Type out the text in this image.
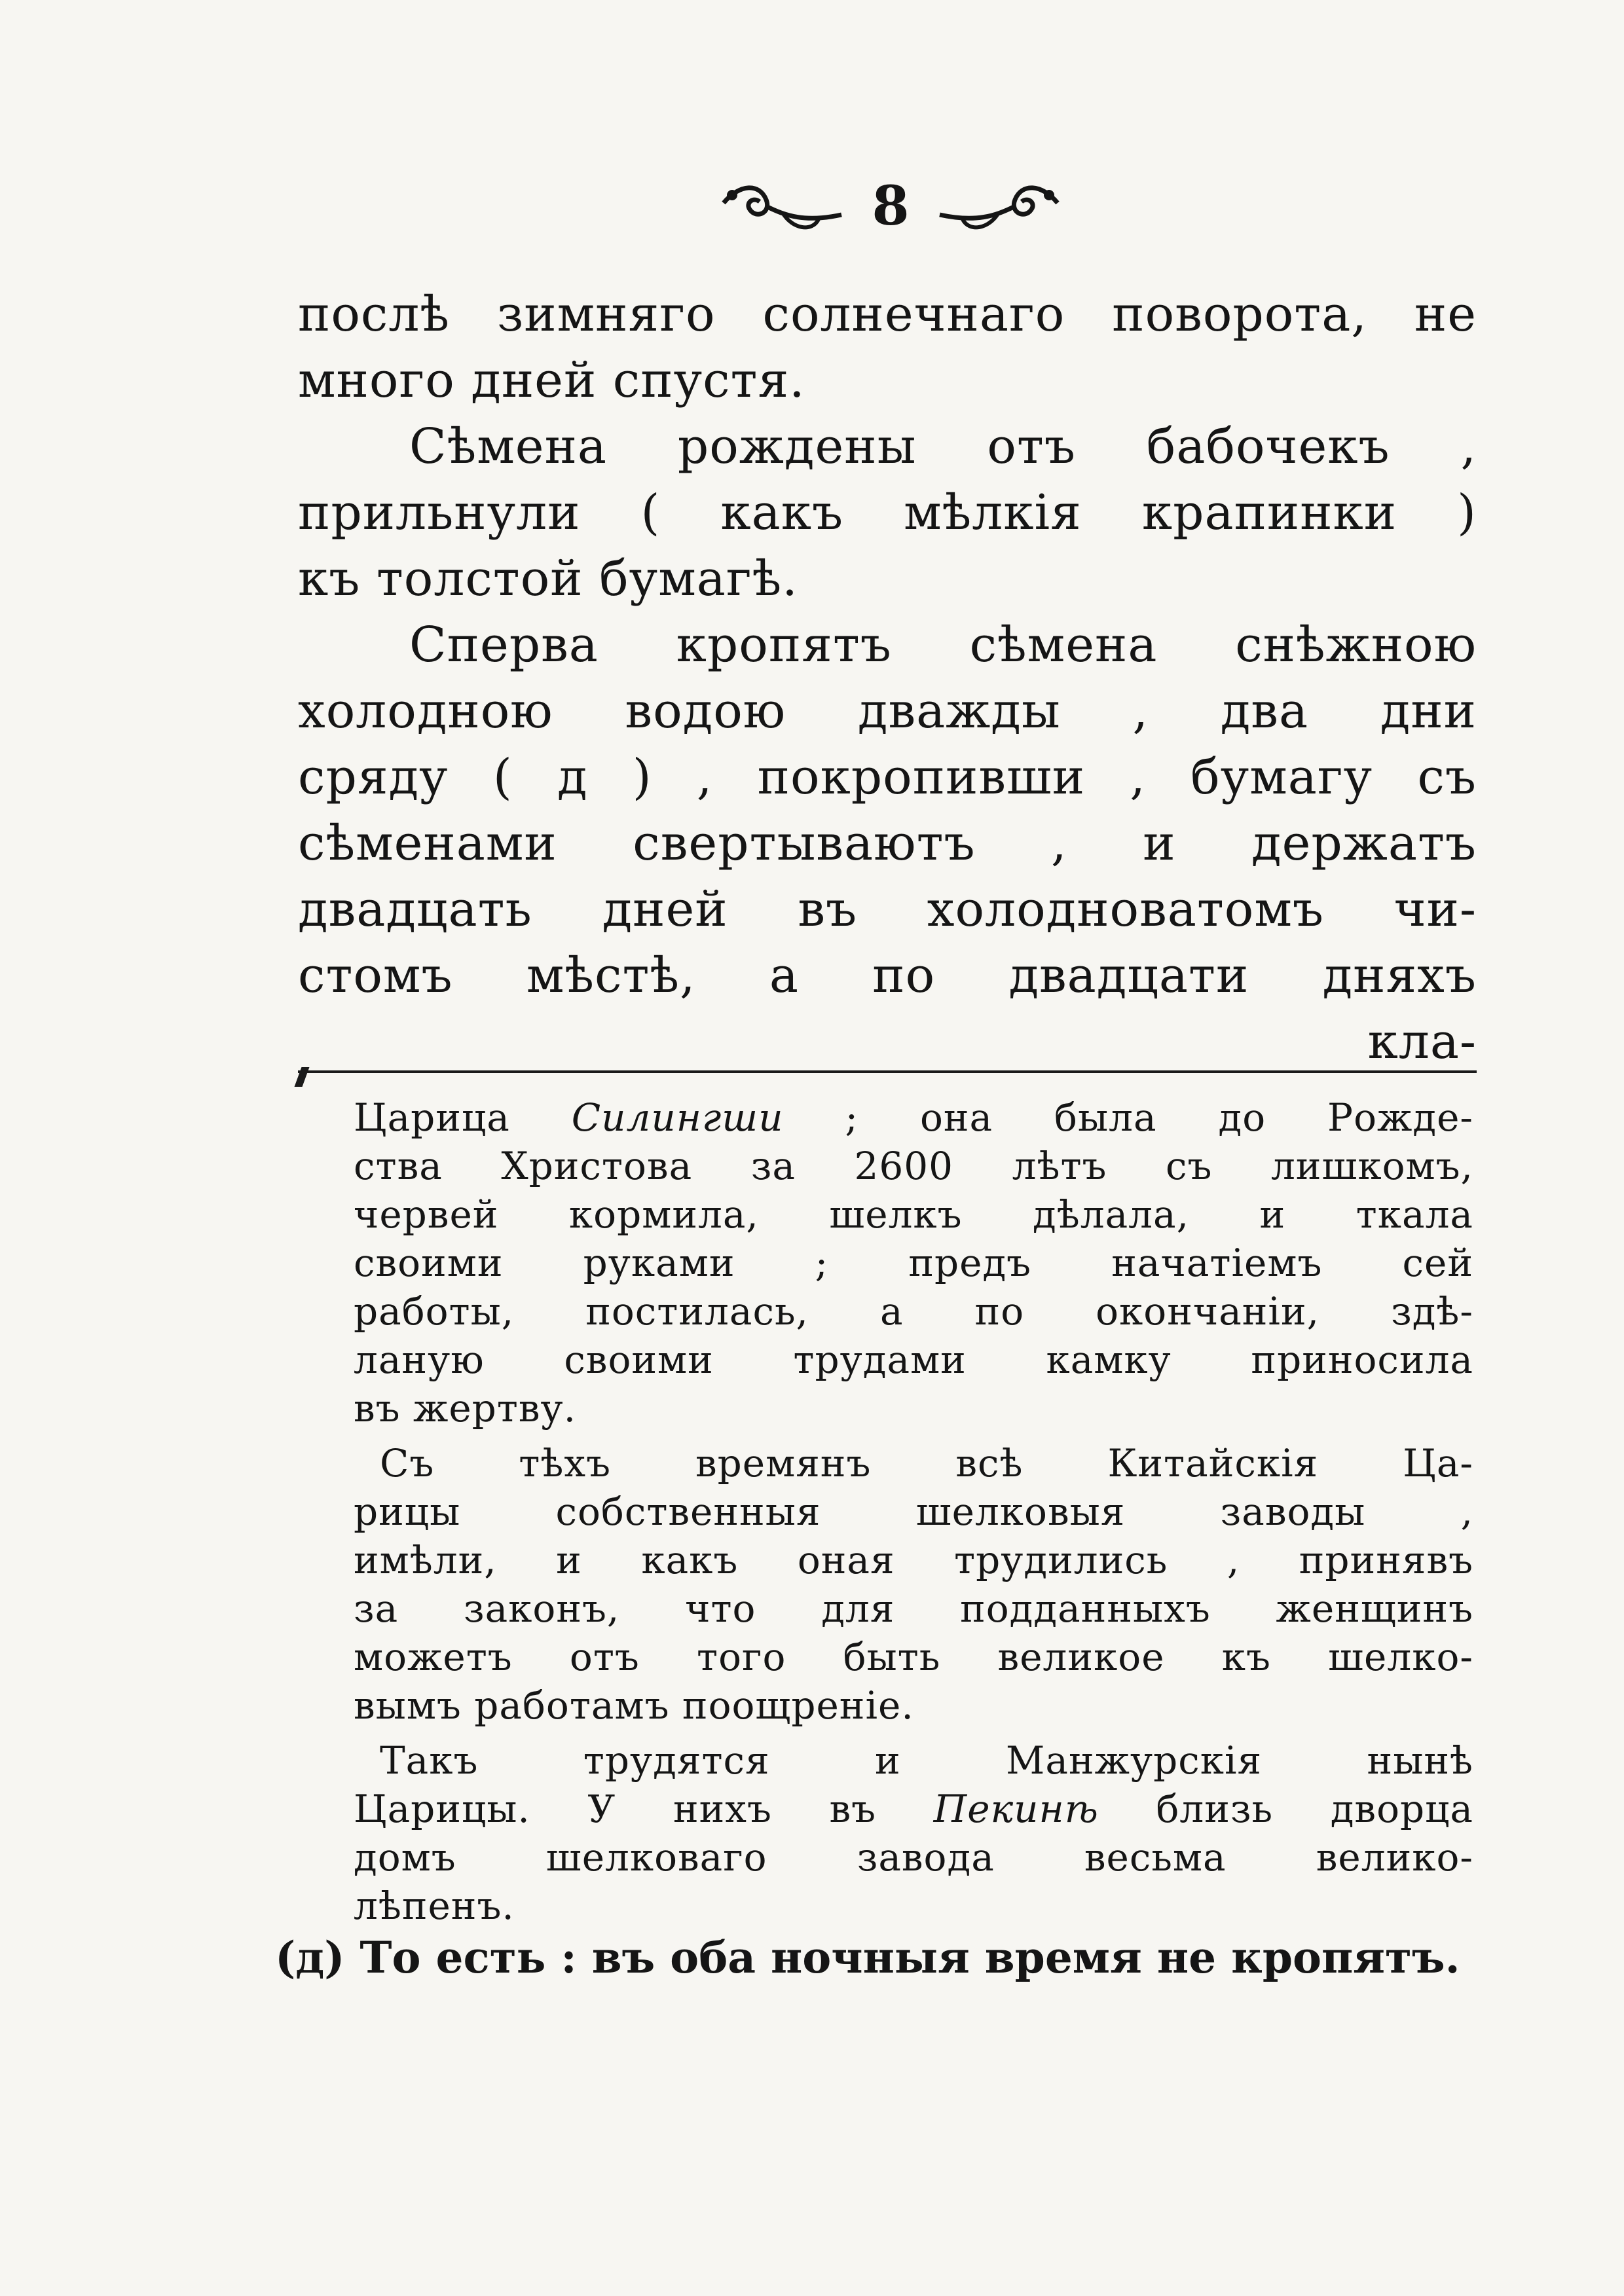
8
послѣ зимняго солнечнаго поворота, не
много дней спустя.
Сѣмена рождены отъ бабочекъ ,
прильнули ( какъ мѣлкія крапинки )
къ толстой бумагѣ.
Сперва кропятъ сѣмена снѣжною
холодною водою дважды , два дни
сряду ( д ) , покропивши , бумагу съ
сѣменами свертываютъ , и держатъ
двадцать дней въ холодноватомъ чи-
стомъ мѣстѣ, а по двадцати дняхъ
кла-
Царица Силингши ; она была до Рожде-
ства Христова за 2600 лѣтъ съ лишкомъ,
червей кормила, шелкъ дѣлала, и ткала
своими руками ; предъ начатіемъ сей
работы, постилась, а по окончаніи, здѣ-
ланую своими трудами камку приносила
въ жертву.
Съ тѣхъ времянъ всѣ Китайскія Ца-
рицы собственныя шелковыя заводы ,
имѣли, и какъ оная трудились , принявъ
за законъ, что для подданныхъ женщинъ
можетъ отъ того быть великое къ шелко-
вымъ работамъ поощреніе.
Такъ трудятся и Манжурскія нынѣ
Царицы. У нихъ въ Пекинѣ близь дворца
домъ шелковаго завода весьма велико-
лѣпенъ.
(д) То есть : въ оба ночныя время не кропятъ.
